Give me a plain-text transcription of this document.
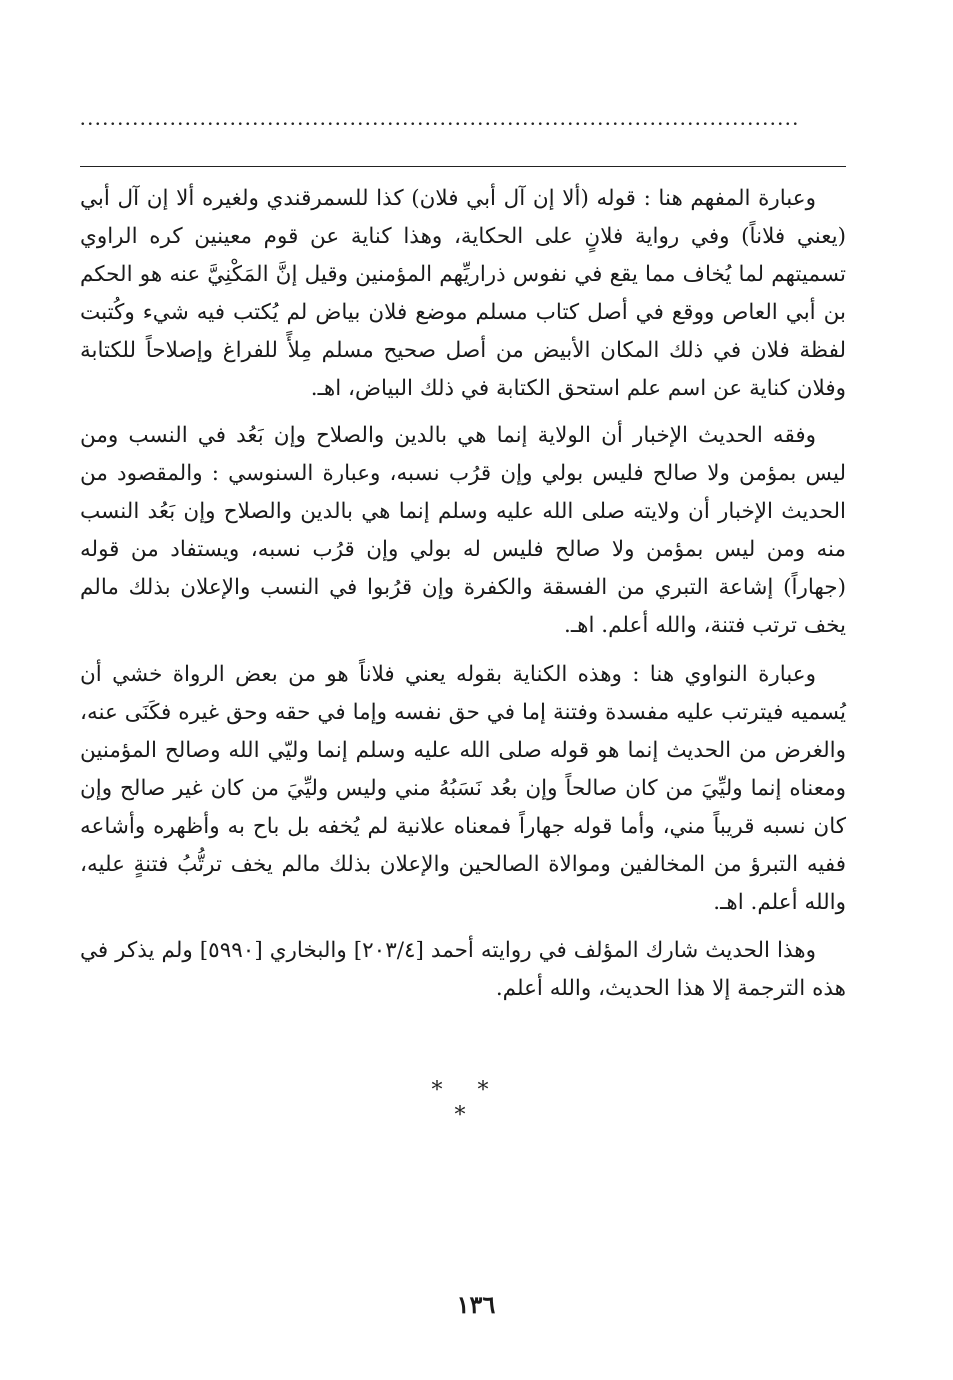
................................................................................................

وعبارة المفهم هنا : قوله (ألا إن آل أبي فلان) كذا للسمرقندي ولغيره ألا إن آل أبي (يعني فلاناً) وفي رواية فلانٍ على الحكاية، وهذا كناية عن قوم معينين كره الراوي تسميتهم لما يُخاف مما يقع في نفوس ذراريِّهم المؤمنين وقيل إنَّ المَكْنِيَّ عنه هو الحكم بن أبي العاص ووقع في أصل كتاب مسلم موضع فلان بياض لم يُكتب فيه شيء وكُتبت لفظة فلان في ذلك المكان الأبيض من أصل صحيح مسلم مِلأً للفراغ وإصلاحاً للكتابة وفلان كناية عن اسم علم استحق الكتابة في ذلك البياض، اهـ.

وفقه الحديث الإخبار أن الولاية إنما هي بالدين والصلاح وإن بَعُد في النسب ومن ليس بمؤمن ولا صالح فليس بولي وإن قرُب نسبه، وعبارة السنوسي : والمقصود من الحديث الإخبار أن ولايته صلى الله عليه وسلم إنما هي بالدين والصلاح وإن بَعُد النسب منه ومن ليس بمؤمن ولا صالح فليس له بولي وإن قرُب نسبه، ويستفاد من قوله (جهاراً) إشاعة التبري من الفسقة والكفرة وإن قرُبوا في النسب والإعلان بذلك مالم يخف ترتب فتنة، والله أعلم. اهـ.

وعبارة النواوي هنا : وهذه الكناية بقوله يعني فلاناً هو من بعض الرواة خشي أن يُسميه فيترتب عليه مفسدة وفتنة إما في حق نفسه وإما في حقه وحق غيره فكَنَى عنه، والغرض من الحديث إنما هو قوله صلى الله عليه وسلم إنما وليّي الله وصالح المؤمنين ومعناه إنما وليِّيَ من كان صالحاً وإن بعُد نَسَبُهُ مني وليس وليِّيَ من كان غير صالح وإن كان نسبه قريباً مني، وأما قوله جهاراً فمعناه علانية لم يُخفه بل باح به وأظهره وأشاعه ففيه التبرؤ من المخالفين وموالاة الصالحين والإعلان بذلك مالم يخف ترتُّبُ فتنةٍ عليه، والله أعلم. اهـ.

وهذا الحديث شارك المؤلف في روايته أحمد [٢٠٣/٤] والبخاري [٥٩٩٠] ولم يذكر في هذه الترجمة إلا هذا الحديث، والله أعلم.

* * *
١٣٦
